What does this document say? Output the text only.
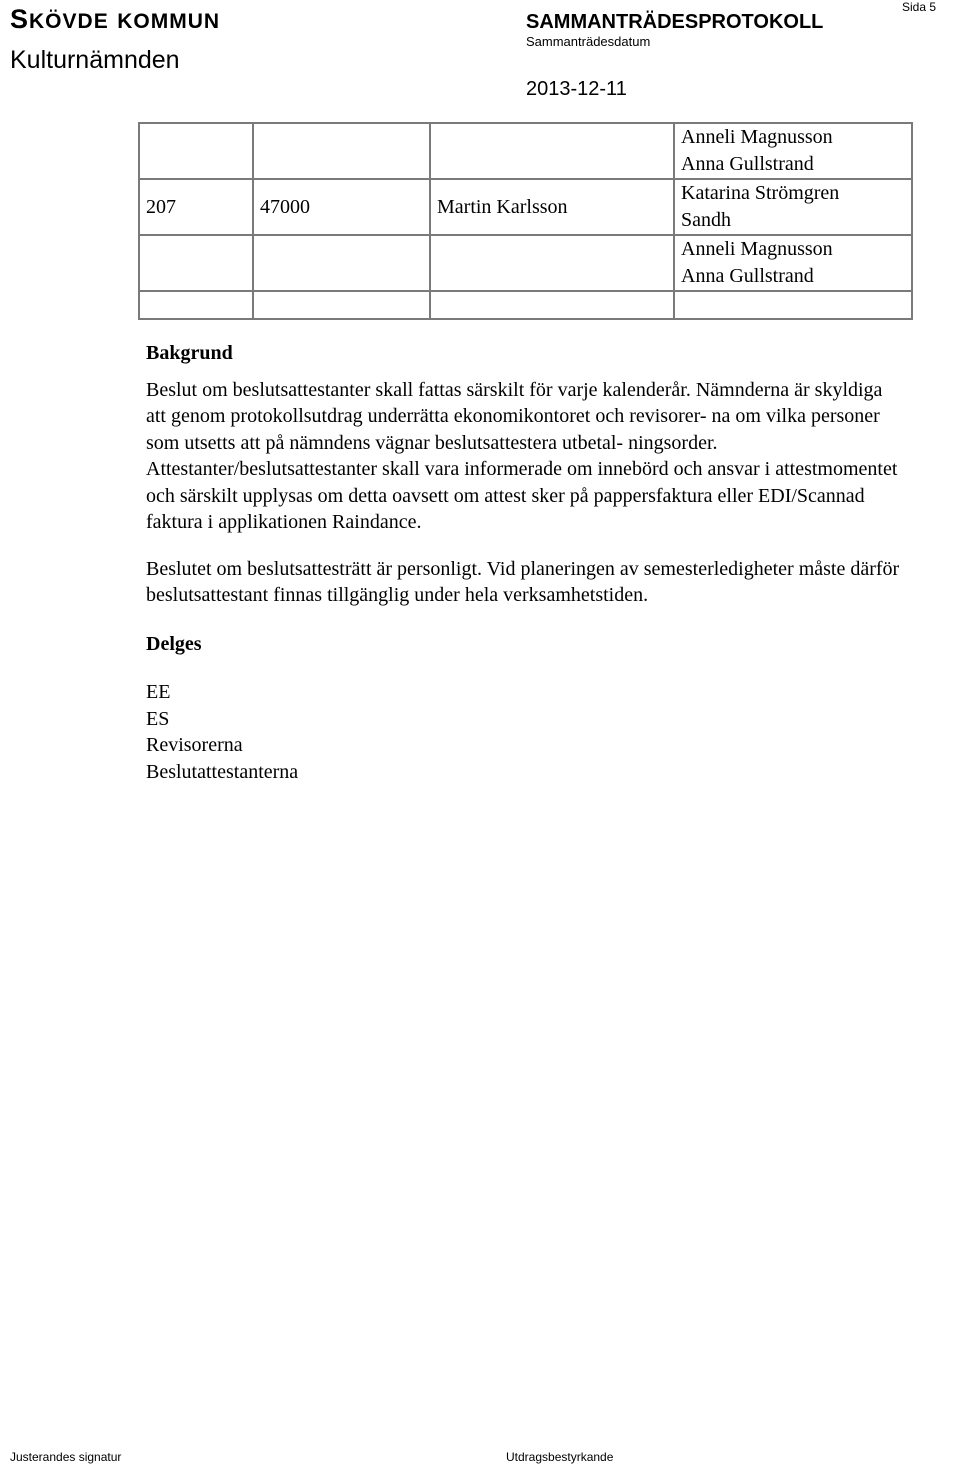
SKÖVDE KOMMUN
Kulturnämnden
SAMMANTRÄDESPROTOKOLL
Sammanträdesdatum
2013-12-11
Sida 5

			Anneli Magnusson
Anna Gullstrand

207	47000	Martin Karlsson	Katarina Strömgren
Sandh

			Anneli Magnusson
Anna Gullstrand

Bakgrund

Beslut om beslutsattestanter skall fattas särskilt för varje kalenderår. Nämnderna är skyldiga att genom protokollsutdrag underrätta ekonomikontoret och revisorer- na om vilka personer som utsetts att på nämndens vägnar beslutsattestera utbetal- ningsorder. Attestanter/beslutsattestanter skall vara informerade om innebörd och ansvar i attestmomentet och särskilt upplysas om detta oavsett om attest sker på pappersfaktura eller EDI/Scannad faktura i applikationen Raindance.

Beslutet om beslutsattesträtt är personligt. Vid planeringen av semesterledigheter måste därför beslutsattestant finnas tillgänglig under hela verksamhetstiden.

Delges

EE

ES

Revisorerna

Beslutattestanterna

Justerandes signatur	Utdragsbestyrkande
